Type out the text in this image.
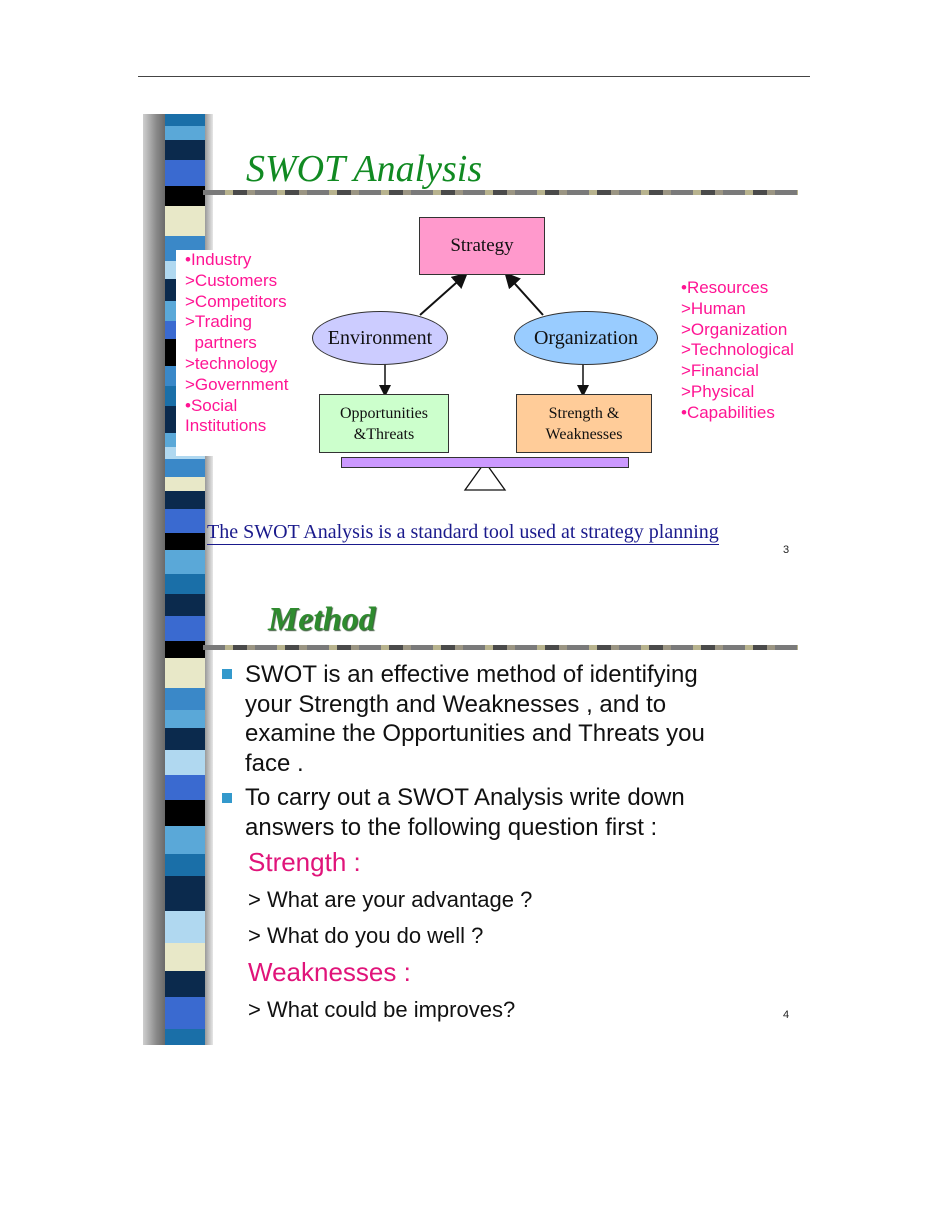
SWOT Analysis
•Industry
>Customers
>Competitors
>Trading
partners
>technology
>Government
•Social
Institutions
•Resources
>Human
>Organization
>Technological
>Financial
>Physical
•Capabilities
Strategy
Environment	Organization
Opportunities
&Threats
Strength &
Weaknesses
The SWOT Analysis is a standard tool used at strategy planning
3
Method
SWOT is an effective method of identifying
your Strength and Weaknesses , and to
examine the Opportunities and Threats you
face .
To carry out a SWOT Analysis write down
answers to the following question first :
Strength :
> What are your advantage ?
> What do you do well ?
Weaknesses :
> What could be improves?	4
